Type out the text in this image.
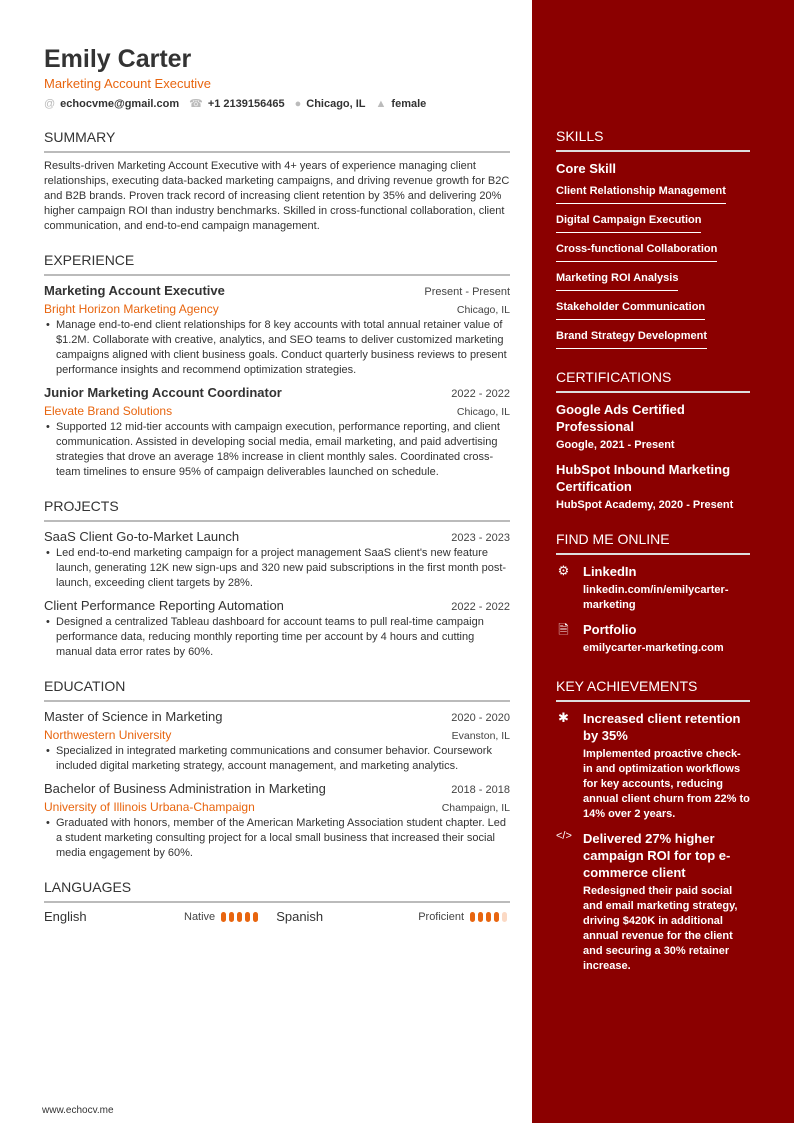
Emily Carter
Marketing Account Executive
@ echocvme@gmail.com ☎ +1 2139156465 ● Chicago, IL ▲ female
SUMMARY
Results-driven Marketing Account Executive with 4+ years of experience managing client relationships, executing data-backed marketing campaigns, and driving revenue growth for B2C and B2B brands. Proven track record of increasing client retention by 35% and delivering 20% higher campaign ROI than industry benchmarks. Skilled in cross-functional collaboration, client communication, and end-to-end campaign management.
EXPERIENCE
Marketing Account Executive	Present - Present
Bright Horizon Marketing Agency	Chicago, IL
• Manage end-to-end client relationships for 8 key accounts with total annual retainer value of $1.2M. Collaborate with creative, analytics, and SEO teams to deliver customized marketing campaigns aligned with client business goals. Conduct quarterly business reviews to present performance insights and recommend optimization strategies.
Junior Marketing Account Coordinator	2022 - 2022
Elevate Brand Solutions	Chicago, IL
• Supported 12 mid-tier accounts with campaign execution, performance reporting, and client communication. Assisted in developing social media, email marketing, and paid advertising strategies that drove an average 18% increase in client monthly sales. Coordinated cross-team timelines to ensure 95% of campaign deliverables launched on schedule.
PROJECTS
SaaS Client Go-to-Market Launch	2023 - 2023
• Led end-to-end marketing campaign for a project management SaaS client's new feature launch, generating 12K new sign-ups and 320 new paid subscriptions in the first month post-launch, exceeding client targets by 28%.
Client Performance Reporting Automation	2022 - 2022
• Designed a centralized Tableau dashboard for account teams to pull real-time campaign performance data, reducing monthly reporting time per account by 4 hours and cutting manual data error rates by 60%.
EDUCATION
Master of Science in Marketing	2020 - 2020
Northwestern University	Evanston, IL
• Specialized in integrated marketing communications and consumer behavior. Coursework included digital marketing strategy, account management, and marketing analytics.
Bachelor of Business Administration in Marketing	2018 - 2018
University of Illinois Urbana-Champaign	Champaign, IL
• Graduated with honors, member of the American Marketing Association student chapter. Led a student marketing consulting project for a local small business that increased their social media engagement by 60%.
LANGUAGES
English	Native	Spanish	Proficient
www.echocv.me
SKILLS
Core Skill
Client Relationship Management
Digital Campaign Execution
Cross-functional Collaboration
Marketing ROI Analysis
Stakeholder Communication
Brand Strategy Development
CERTIFICATIONS
Google Ads Certified Professional
Google, 2021 - Present
HubSpot Inbound Marketing Certification
HubSpot Academy, 2020 - Present
FIND ME ONLINE
⚙ LinkedIn
linkedin.com/in/emilycarter-marketing
🗎 Portfolio
emilycarter-marketing.com
KEY ACHIEVEMENTS
✱ Increased client retention by 35%
Implemented proactive check-in and optimization workflows for key accounts, reducing annual client churn from 22% to 14% over 2 years.
</> Delivered 27% higher campaign ROI for top e-commerce client
Redesigned their paid social and email marketing strategy, driving $420K in additional annual revenue for the client and securing a 30% retainer increase.
